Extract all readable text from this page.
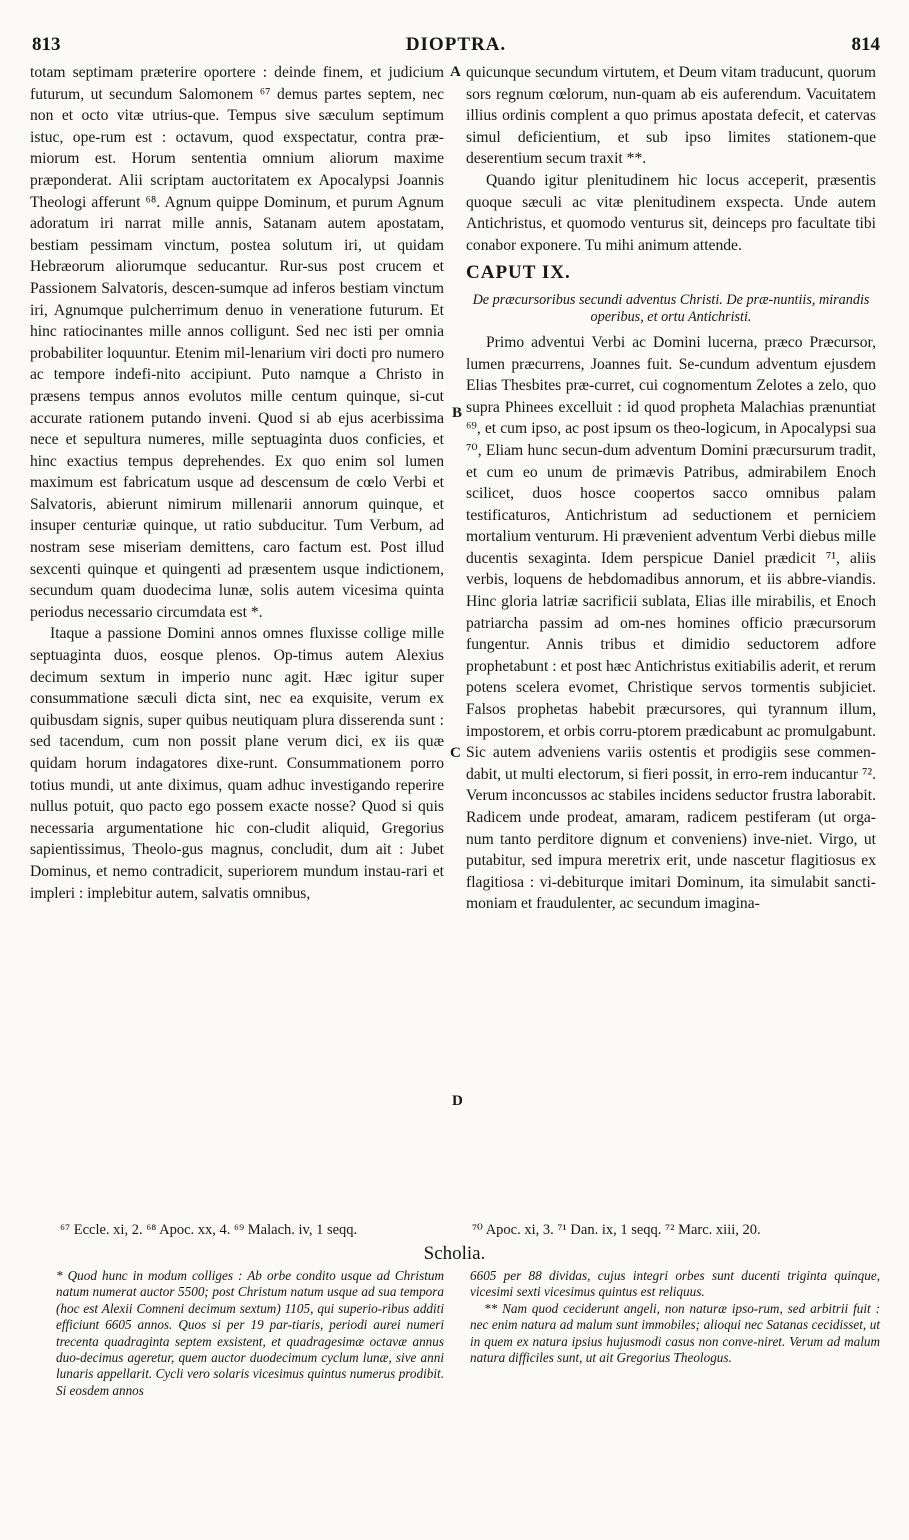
813	DIOPTRA.	814
A
B
C
D

totam septimam præterire oportere : deinde finem, et judicium futurum, ut secundum Salomonem ⁶⁷ demus partes septem, nec non et octo vitæ utrius-que. Tempus sive sæculum septimum istuc, ope-rum est : octavum, quod exspectatur, contra præ-miorum est. Horum sententia omnium aliorum maxime præponderat. Alii scriptam auctoritatem ex Apocalypsi Joannis Theologi afferunt ⁶⁸. Agnum quippe Dominum, et purum Agnum adoratum iri narrat mille annis, Satanam autem apostatam, bestiam pessimam vinctum, postea solutum iri, ut quidam Hebræorum aliorumque seducantur. Rur-sus post crucem et Passionem Salvatoris, descen-sumque ad inferos bestiam vinctum iri, Agnumque pulcherrimum denuo in veneratione futurum. Et hinc ratiocinantes mille annos colligunt. Sed nec isti per omnia probabiliter loquuntur. Etenim mil-lenarium viri docti pro numero ac tempore indefi-nito accipiunt. Puto namque a Christo in præsens tempus annos evolutos mille centum quinque, si-cut accurate rationem putando inveni. Quod si ab ejus acerbissima nece et sepultura numeres, mille septuaginta duos conficies, et hinc exactius tempus deprehendes. Ex quo enim sol lumen maximum est fabricatum usque ad descensum de cœlo Verbi et Salvatoris, abierunt nimirum millenarii annorum quinque, et insuper centuriæ quinque, ut ratio subducitur. Tum Verbum, ad nostram sese miseriam demittens, caro factum est. Post illud sexcenti quinque et quingenti ad præsentem usque indictionem, secundum quam duodecima lunæ, solis autem vicesima quinta periodus necessario circumdata est *.

Itaque a passione Domini annos omnes fluxisse collige mille septuaginta duos, eosque plenos. Op-timus autem Alexius decimum sextum in imperio nunc agit. Hæc igitur super consummatione sæculi dicta sint, nec ea exquisite, verum ex quibusdam signis, super quibus neutiquam plura disserenda sunt : sed tacendum, cum non possit plane verum dici, ex iis quæ quidam horum indagatores dixe-runt. Consummationem porro totius mundi, ut ante diximus, quam adhuc investigando reperire nullus potuit, quo pacto ego possem exacte nosse? Quod si quis necessaria argumentatione hic con-cludit aliquid, Gregorius sapientissimus, Theolo-gus magnus, concludit, dum ait : Jubet Dominus, et nemo contradicit, superiorem mundum instau-rari et impleri : implebitur autem, salvatis omnibus,

quicunque secundum virtutem, et Deum vitam traducunt, quorum sors regnum cœlorum, nun-quam ab eis auferendum. Vacuitatem illius ordinis complent a quo primus apostata defecit, et catervas simul deficientium, et sub ipso limites stationem-que deserentium secum traxit **.

Quando igitur plenitudinem hic locus acceperit, præsentis quoque sæculi ac vitæ plenitudinem exspecta. Unde autem Antichristus, et quomodo venturus sit, deinceps pro facultate tibi conabor exponere. Tu mihi animum attende.

CAPUT IX.

De præcursoribus secundi adventus Christi. De præ-nuntiis, mirandis operibus, et ortu Antichristi.

Primo adventui Verbi ac Domini lucerna, præco Præcursor, lumen præcurrens, Joannes fuit. Se-cundum adventum ejusdem Elias Thesbites præ-curret, cui cognomentum Zelotes a zelo, quo supra Phinees excelluit : id quod propheta Malachias prænuntiat ⁶⁹, et cum ipso, ac post ipsum os theo-logicum, in Apocalypsi sua ⁷⁰, Eliam hunc secun-dum adventum Domini præcursurum tradit, et cum eo unum de primævis Patribus, admirabilem Enoch scilicet, duos hosce coopertos sacco omnibus palam testificaturos, Antichristum ad seductionem et perniciem mortalium venturum. Hi prævenient adventum Verbi diebus mille ducentis sexaginta. Idem perspicue Daniel prædicit ⁷¹, aliis verbis, loquens de hebdomadibus annorum, et iis abbre-viandis. Hinc gloria latriæ sacrificii sublata, Elias ille mirabilis, et Enoch patriarcha passim ad om-nes homines officio præcursorum fungentur. Annis tribus et dimidio seductorem adfore prophetabunt : et post hæc Antichristus exitiabilis aderit, et rerum potens scelera evomet, Christique servos tormentis subjiciet. Falsos prophetas habebit præcursores, qui tyrannum illum, impostorem, et orbis corru-ptorem prædicabunt ac promulgabunt. Sic autem adveniens variis ostentis et prodigiis sese commen-dabit, ut multi electorum, si fieri possit, in erro-rem inducantur ⁷². Verum inconcussos ac stabiles incidens seductor frustra laborabit. Radicem unde prodeat, amaram, radicem pestiferam (ut orga-num tanto perditore dignum et conveniens) inve-niet. Virgo, ut putabitur, sed impura meretrix erit, unde nascetur flagitiosus ex flagitiosa : vi-debiturque imitari Dominum, ita simulabit sancti-moniam et fraudulenter, ac secundum imagina-

⁶⁷ Eccle. xi, 2. ⁶⁸ Apoc. xx, 4. ⁶⁹ Malach. iv, 1 seqq.	⁷⁰ Apoc. xi, 3. ⁷¹ Dan. ix, 1 seqq. ⁷² Marc. xiii, 20.
Scholia.

* Quod hunc in modum colliges : Ab orbe condito usque ad Christum natum numerat auctor 5500; post Christum natum usque ad sua tempora (hoc est Alexii Comneni decimum sextum) 1105, qui superio-ribus additi efficiunt 6605 annos. Quos si per 19 par-tiaris, periodi aurei numeri trecenta quadraginta septem exsistent, et quadragesimæ octavæ annus duo-decimus ageretur, quem auctor duodecimum cyclum lunæ, sive anni lunaris appellarit. Cycli vero solaris vicesimus quintus numerus prodibit. Si eosdem annos

6605 per 88 dividas, cujus integri orbes sunt ducenti triginta quinque, vicesimi sexti vicesimus quintus est reliquus.

** Nam quod ceciderunt angeli, non naturæ ipso-rum, sed arbitrii fuit : nec enim natura ad malum sunt immobiles; alioqui nec Satanas cecidisset, ut in quem ex natura ipsius hujusmodi casus non conve-niret. Verum ad malum natura difficiles sunt, ut ait Gregorius Theologus.
